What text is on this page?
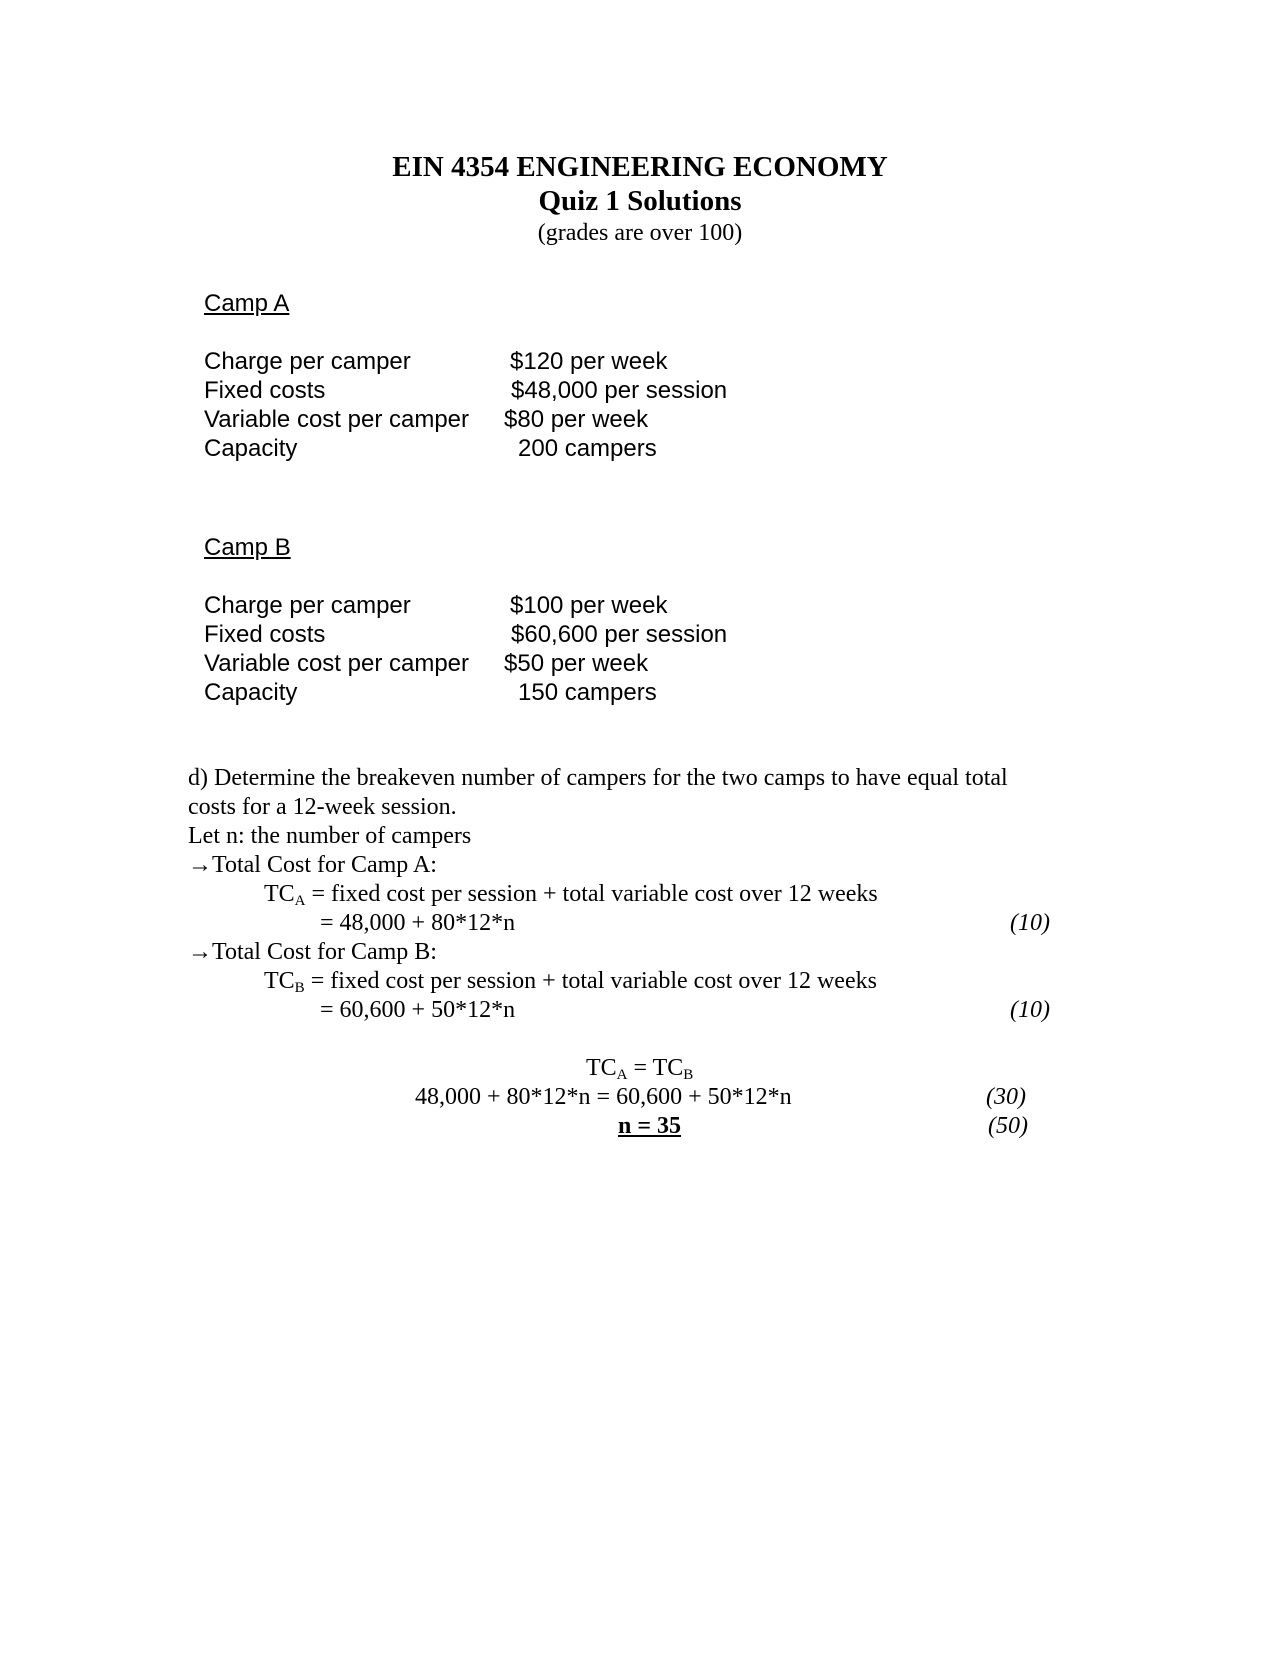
EIN 4354 ENGINEERING ECONOMY
Quiz 1 Solutions
(grades are over 100)
Camp A
Charge per camper	$120 per week
Fixed costs	$48,000 per session
Variable cost per camper $80 per week
Capacity	200 campers
Camp B
Charge per camper	$100 per week
Fixed costs	$60,600 per session
Variable cost per camper $50 per week
Capacity	150 campers
d) Determine the breakeven number of campers for the two camps to have equal total
costs for a 12-week session.
Let n: the number of campers
→Total Cost for Camp A:
$TC_A$ = fixed cost per session + total variable cost over 12 weeks
= 48,000 + 80*12*n	(10)
→Total Cost for Camp B:
$TC_B$ = fixed cost per session + total variable cost over 12 weeks
= 60,600 + 50*12*n	(10)
$TC_A = TC_B$
48,000 + 80*12*n = 60,600 + 50*12*n	(30)
n = 35	(50)
